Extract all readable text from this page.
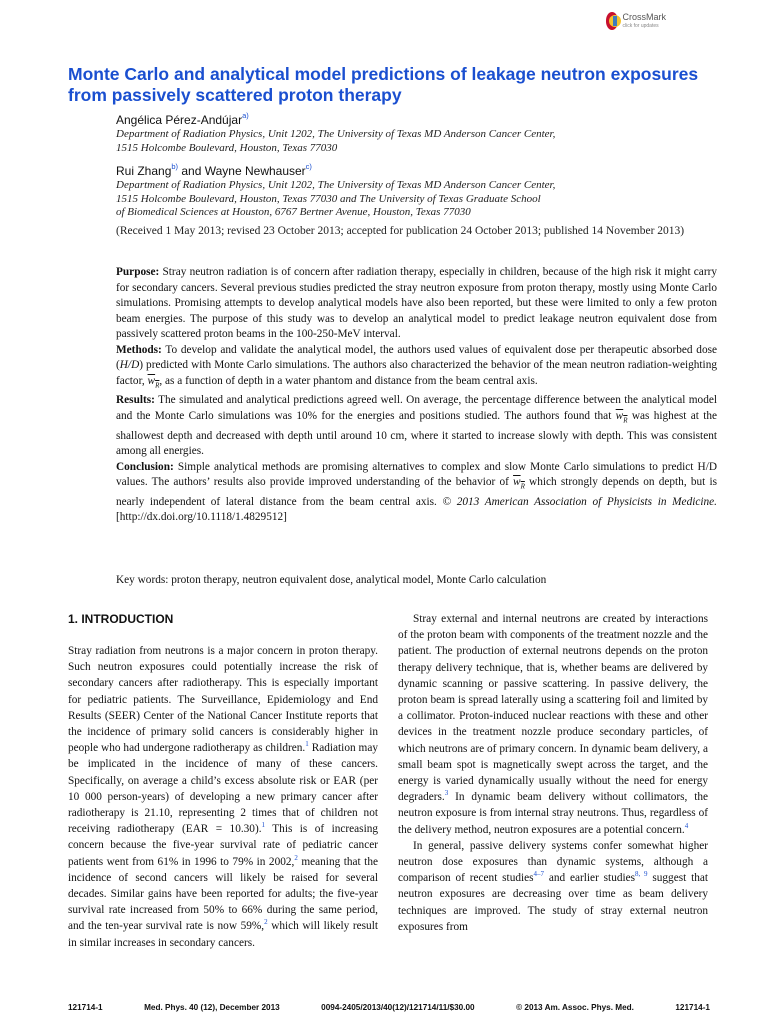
CrossMark
click for updates
Monte Carlo and analytical model predictions of leakage neutron exposures from passively scattered proton therapy
Angélica Pérez-Andújar$^{a)}$
Department of Radiation Physics, Unit 1202, The University of Texas MD Anderson Cancer Center,
1515 Holcombe Boulevard, Houston, Texas 77030
Rui Zhang$^{b)}$ and Wayne Newhauser$^{c)}$
Department of Radiation Physics, Unit 1202, The University of Texas MD Anderson Cancer Center,
1515 Holcombe Boulevard, Houston, Texas 77030 and The University of Texas Graduate School
of Biomedical Sciences at Houston, 6767 Bertner Avenue, Houston, Texas 77030
(Received 1 May 2013; revised 23 October 2013; accepted for publication 24 October 2013; published 14 November 2013)

Purpose: Stray neutron radiation is of concern after radiation therapy, especially in children, because of the high risk it might carry for secondary cancers. Several previous studies predicted the stray neutron exposure from proton therapy, mostly using Monte Carlo simulations. Promising attempts to develop analytical models have also been reported, but these were limited to only a few proton beam energies. The purpose of this study was to develop an analytical model to predict leakage neutron equivalent dose from passively scattered proton beams in the 100-250-MeV interval.

Methods: To develop and validate the analytical model, the authors used values of equivalent dose per therapeutic absorbed dose (H/D) predicted with Monte Carlo simulations. The authors also characterized the behavior of the mean neutron radiation-weighting factor, $w_R$, as a function of depth in a water phantom and distance from the beam central axis.

Results: The simulated and analytical predictions agreed well. On average, the percentage difference between the analytical model and the Monte Carlo simulations was 10% for the energies and positions studied. The authors found that $w_R$ was highest at the shallowest depth and decreased with depth until around 10 cm, where it started to increase slowly with depth. This was consistent among all energies.

Conclusion: Simple analytical methods are promising alternatives to complex and slow Monte Carlo simulations to predict H/D values. The authors’ results also provide improved understanding of the behavior of $w_R$ which strongly depends on depth, but is nearly independent of lateral distance from the beam central axis. © 2013 American Association of Physicists in Medicine. [http://dx.doi.org/10.1118/1.4829512]

Key words: proton therapy, neutron equivalent dose, analytical model, Monte Carlo calculation
1. INTRODUCTION

Stray radiation from neutrons is a major concern in proton therapy. Such neutron exposures could potentially increase the risk of secondary cancers after radiotherapy. This is especially important for pediatric patients. The Surveillance, Epidemiology and End Results (SEER) Center of the National Cancer Institute reports that the incidence of primary solid cancers is considerably higher in people who had undergone radiotherapy as children.$^1$ Radiation may be implicated in the incidence of many of these cancers. Specifically, on average a child’s excess absolute risk or EAR (per 10 000 person-years) of developing a new primary cancer after radiotherapy is 21.10, representing 2 times that of children not receiving radiotherapy (EAR = 10.30).$^1$ This is of increasing concern because the five-year survival rate of pediatric cancer patients went from 61% in 1996 to 79% in 2002,$^2$ meaning that the incidence of second cancers will likely be raised for several decades. Similar gains have been reported for adults; the five-year survival rate increased from 50% to 66% during the same period, and the ten-year survival rate is now 59%,$^2$ which will likely result in similar increases in secondary cancers.

Stray external and internal neutrons are created by interactions of the proton beam with components of the treatment nozzle and the patient. The production of external neutrons depends on the proton therapy delivery technique, that is, whether beams are delivered by dynamic scanning or passive scattering. In passive delivery, the proton beam is spread laterally using a scattering foil and limited by a collimator. Proton-induced nuclear reactions with these and other devices in the treatment nozzle produce secondary particles, of which neutrons are of primary concern. In dynamic beam delivery, a small beam spot is magnetically swept across the target, and the energy is varied dynamically usually without the need for energy degraders.$^3$ In dynamic beam delivery without collimators, the neutron exposure is from internal stray neutrons. Thus, regardless of the delivery method, neutron exposures are a potential concern.$^4$

In general, passive delivery systems confer somewhat higher neutron dose exposures than dynamic systems, although a comparison of recent studies$^{4-7}$ and earlier studies$^{8, 9}$ suggest that neutron exposures are decreasing over time as beam delivery techniques are improved. The study of stray external neutron exposures from

121714-1	Med. Phys. 40 (12), December 2013	0094-2405/2013/40(12)/121714/11/$30.00	© 2013 Am. Assoc. Phys. Med.	121714-1
